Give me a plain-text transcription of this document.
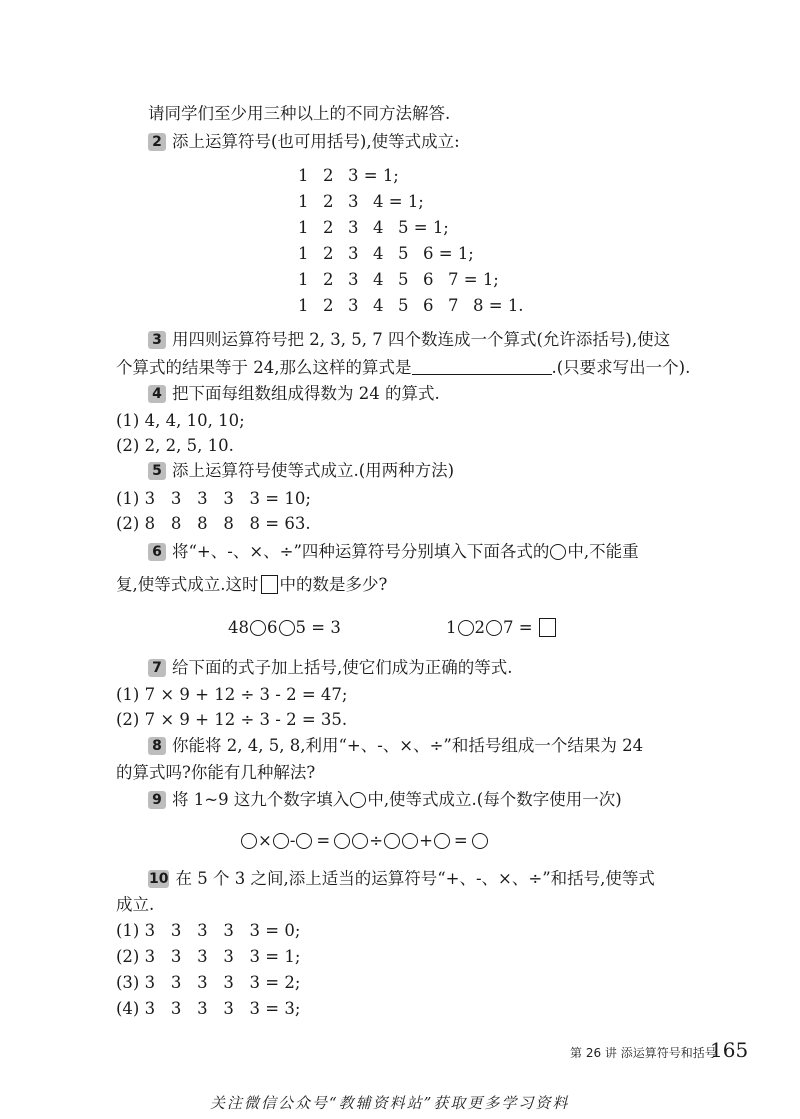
请同学们至少用三种以上的不同方法解答.
2 添上运算符号(也可用括号),使等式成立:
1 2 3 = 1;
1 2 3 4 = 1;
1 2 3 4 5 = 1;
1 2 3 4 5 6 = 1;
1 2 3 4 5 6 7 = 1;
1 2 3 4 5 6 7 8 = 1.
3 用四则运算符号把 2, 3, 5, 7 四个数连成一个算式(允许添括号),使这
个算式的结果等于 24,那么这样的算式是	.(只要求写出一个).
4 把下面每组数组成得数为 24 的算式.
(1) 4, 4, 10, 10;
(2) 2, 2, 5, 10.
5 添上运算符号使等式成立.(用两种方法)
(1) 3   3   3   3   3 = 10;
(2) 8   8   8   8   8 = 63.
6 将“+、-、×、÷”四种运算符号分别填入下面各式的 中,不能重
复,使等式成立.这时 中的数是多少?
48 6 5 = 3	1 2 7 =
7 给下面的式子加上括号,使它们成为正确的等式.
(1) 7 × 9 + 12 ÷ 3 - 2 = 47;
(2) 7 × 9 + 12 ÷ 3 - 2 = 35.
8 你能将 2, 4, 5, 8,利用“+、-、×、÷”和括号组成一个结果为 24
的算式吗?你能有几种解法?
9 将 1~9 这九个数字填入 中,使等式成立.(每个数字使用一次)
× - = ÷ + =
10 在 5 个 3 之间,添上适当的运算符号“+、-、×、÷”和括号,使等式
成立.
(1) 3   3   3   3   3 = 0;
(2) 3   3   3   3   3 = 1;
(3) 3   3   3   3   3 = 2;
(4) 3   3   3   3   3 = 3;
第 26 讲 添运算符号和括号
165
关注微信公众号“教辅资料站”获取更多学习资料
